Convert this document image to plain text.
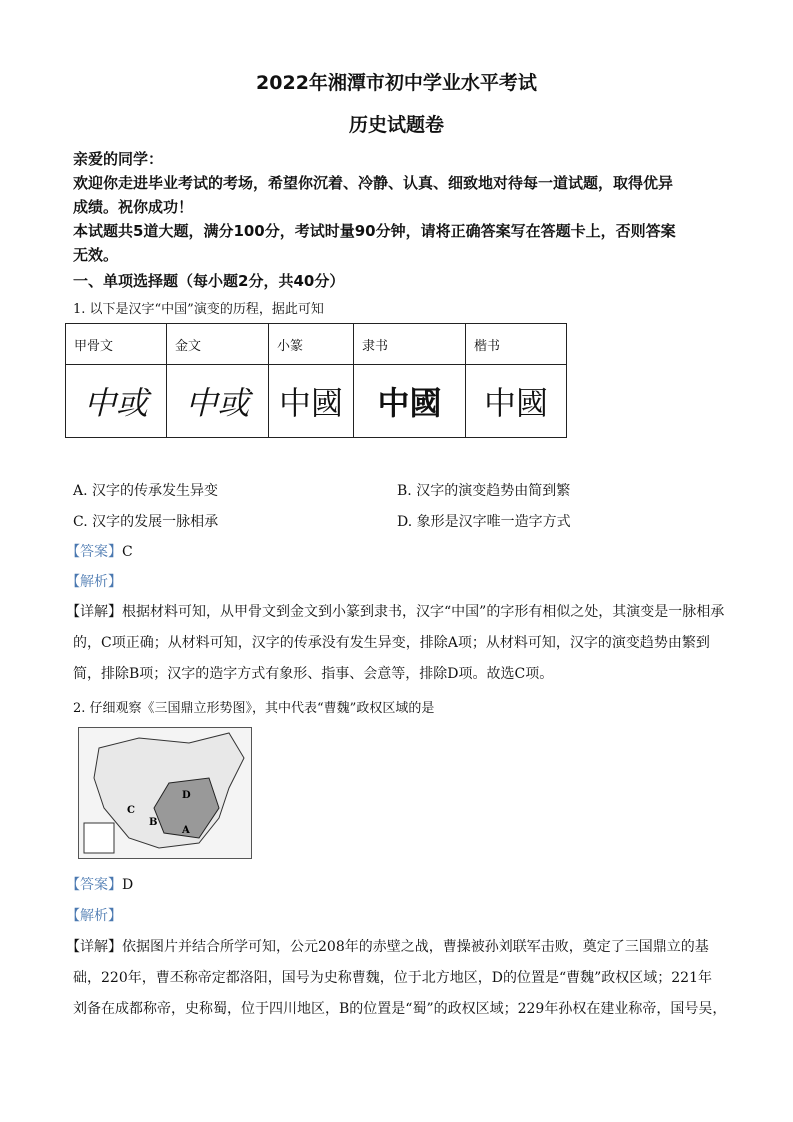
2022年湘潭市初中学业水平考试
历史试题卷
亲爱的同学：
欢迎你走进毕业考试的考场，希望你沉着、冷静、认真、细致地对待每一道试题，取得优异
成绩。祝你成功！
本试题共5道大题，满分100分，考试时量90分钟，请将正确答案写在答题卡上，否则答案
无效。
一、单项选择题（每小题2分，共40分）
1. 以下是汉字“中国”演变的历程，据此可知
甲骨文	金文	小篆	隶书	楷书
中或	中或	中國	中國	中國
A. 汉字的传承发生异变	B. 汉字的演变趋势由简到繁
C. 汉字的发展一脉相承	D. 象形是汉字唯一造字方式
【答案】C
【解析】
【详解】根据材料可知，从甲骨文到金文到小篆到隶书，汉字“中国”的字形有相似之处，其演变是一脉相承
的，C项正确；从材料可知，汉字的传承没有发生异变，排除A项；从材料可知，汉字的演变趋势由繁到
简，排除B项；汉字的造字方式有象形、指事、会意等，排除D项。故选C项。
2. 仔细观察《三国鼎立形势图》，其中代表“曹魏”政权区域的是
C
D
B
A
【答案】D
【解析】
【详解】依据图片并结合所学可知，公元208年的赤壁之战，曹操被孙刘联军击败，奠定了三国鼎立的基
础，220年，曹丕称帝定都洛阳，国号为史称曹魏，位于北方地区，D的位置是“曹魏”政权区域；221年
刘备在成都称帝，史称蜀，位于四川地区，B的位置是“蜀”的政权区域；229年孙权在建业称帝，国号吴，
